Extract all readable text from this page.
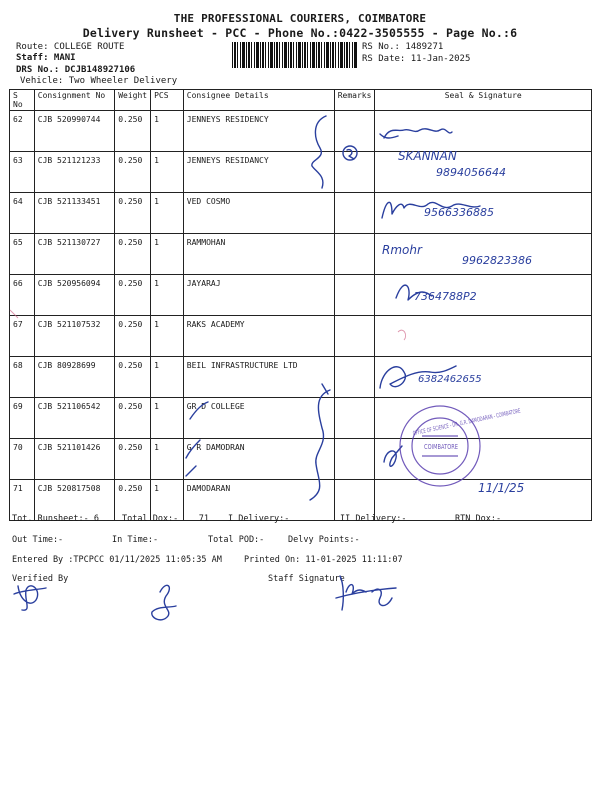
THE PROFESSIONAL COURIERS, COIMBATORE
Delivery Runsheet - PCC - Phone No.:0422-3505555 - Page No.:6
Route: COLLEGE ROUTE
Staff: MANI
DRS No.: DCJB148927106
Vehicle: Two Wheeler Delivery
RS No.: 1489271
RS Date: 11-Jan-2025
S No	Consignment No	Weight	PCS	Consignee Details	Remarks	Seal & Signature
62	CJB 520990744	0.250	1	JENNEYS RESIDENCY		
63	CJB 521121233	0.250	1	JENNEYS RESIDANCY		
64	CJB 521133451	0.250	1	VED COSMO		
65	CJB 521130727	0.250	1	RAMMOHAN		
66	CJB 520956094	0.250	1	JAYARAJ		
67	CJB 521107532	0.250	1	RAKS ACADEMY		
68	CJB 80928699	0.250	1	BEIL INFRASTRUCTURE LTD		
69	CJB 521106542	0.250	1	GR D COLLEGE		
70	CJB 521101426	0.250	1	G R DAMODRAN		
71	CJB 520817508	0.250	1	DAMODARAN		
Tot. Runsheet:- 6	Total Dox:-    71 I Delivery:-	II Delivery:-	RTN Dox:-
Out Time:-	In Time:-	Total POD:-	Delvy Points:-
Entered By :TPCPCC 01/11/2025 11:05:35 AM	Printed On: 11-01-2025 11:11:07
Verified By	Staff Signature
SKANNAN
9894056644
9566336885
Rmohr
9962823386
7364788P2
6382462655
11/1/25
OFFICE OF SCIENCE - DR. G.R. DAMODARAN - COIMBATORE
COIMBATORE
